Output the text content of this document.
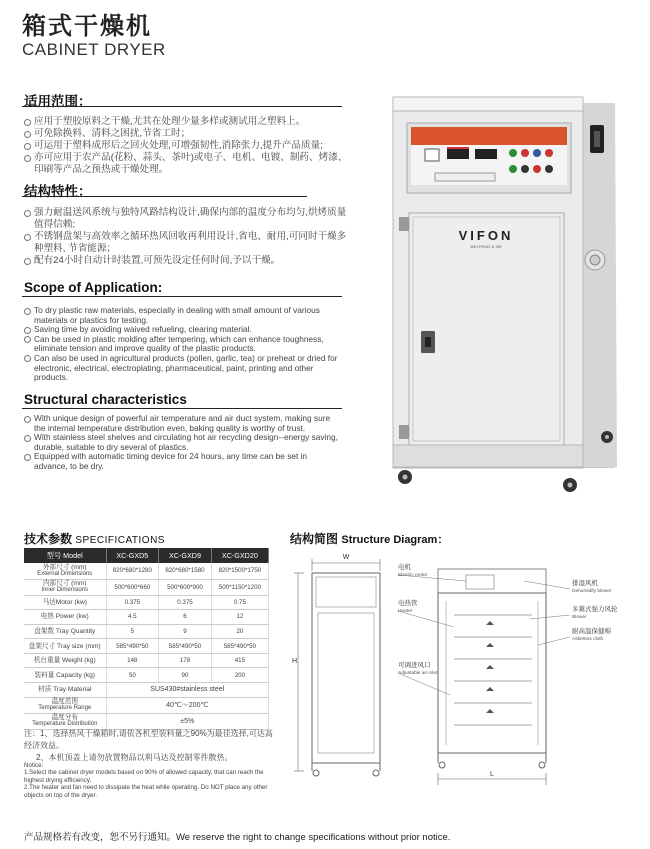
箱式干燥机
CABINET DRYER
适用范围：
应用于塑胶原料之干燥,尤其在处理少量多样或测试用之塑料上。
可免除换料、清料之困扰,节省工时；
可运用于塑料成形后之回火处理,可增强韧性,消除张力,提升产品质量;
亦可应用于农产品(花粉、蒜头、茶叶)或电子、电机、电镀、制药、烤漆、印刷等产品之预热或干燥处理。
结构特性：
强力耐温送风系统与独特风路结构设计,确保内部的温度分布均匀,烘烤质量值得信赖;
不锈钢盘架与高效率之循环热风回收再利用设计,省电、耐用,可同时干燥多种塑料, 节省能源；
配有24小时自动计时装置,可预先设定任何时间,予以干燥。
Scope of Application:
To dry plastic raw materials, especially in dealing with small amount of various materials or plastics for testing.
Saving time by avoiding waived refueling, clearing material.
Can be used in plastic molding after tempering, which can enhance toughness, eliminate tension and improve quality of the plastic products.
Can also be used in agricultural products (pollen, garlic, tea) or preheat or dried for electronic, electrical, electroplating, pharmaceutical, paint, printing and other products.
Structural characteristics
With unique design of powerful air temperature and air duct system, making sure the internal temperature distribution even, baking quality is worthy of trust.
With stainless steel shelves and circulating hot air recycling design--energy saving, durable, suitable to dry several of plastics.
Equipped with automatic timing device for 24 hours, any time can be set in advance, to be dry.
VIFON
WEI FENG JI XIE
技术参数 SPECIFICATIONS
型号 Model	XC-GXD5	XC-GXD9	XC-GXD20

外部尺寸 (mm)
External Dimensions	820*680*1280	820*680*1580	820*1500*1750

内部尺寸 (mm)
Inner Dimensions	500*600*660	500*600*900	500*1150*1200

马达Motor (kw)	0.375	0.375	0.75

电热 Power (kw)	4.5	6	12

盘架数 Tray Quantity	5	9	20

盘架尺寸 Tray size (mm)	585*490*50	585*490*50	585*490*50

机台重量 Weight (kg)	148	178	415

装料量 Capacity (kg)	50	90	200

材质 Tray Material	SUS430#stainless steel		

温度范围
Temperature Range	40℃～200℃		

温度分布
Temperature Distribution	±5%		
注：1、选择热风干燥箱时,请依各机型装料量之90%为最佳选择,可达高经济效益。
2、本机顶盖上请勿放置物品以利马达及控制零件散热。
Notice:
1.Select the cabinet dryer models based on 90% of allowed capacity, that can reach the highest drying efficiency.
2.The heater and fan need to dissipate the heat while operating. Do NOT place any other objects on top of the dryer.
结构简图 Structure Diagram：
W
H
L
电机
Electric motor
电热管
Heater
可调进风口
Adjustable air inlet
排湿风机
Dehumidify blower
多翼式强力风轮
Blower
耐高温保健棉
Asbestos cloth
产品规格若有改变，恕不另行通知。We reserve the right to change specifications without prior notice.
